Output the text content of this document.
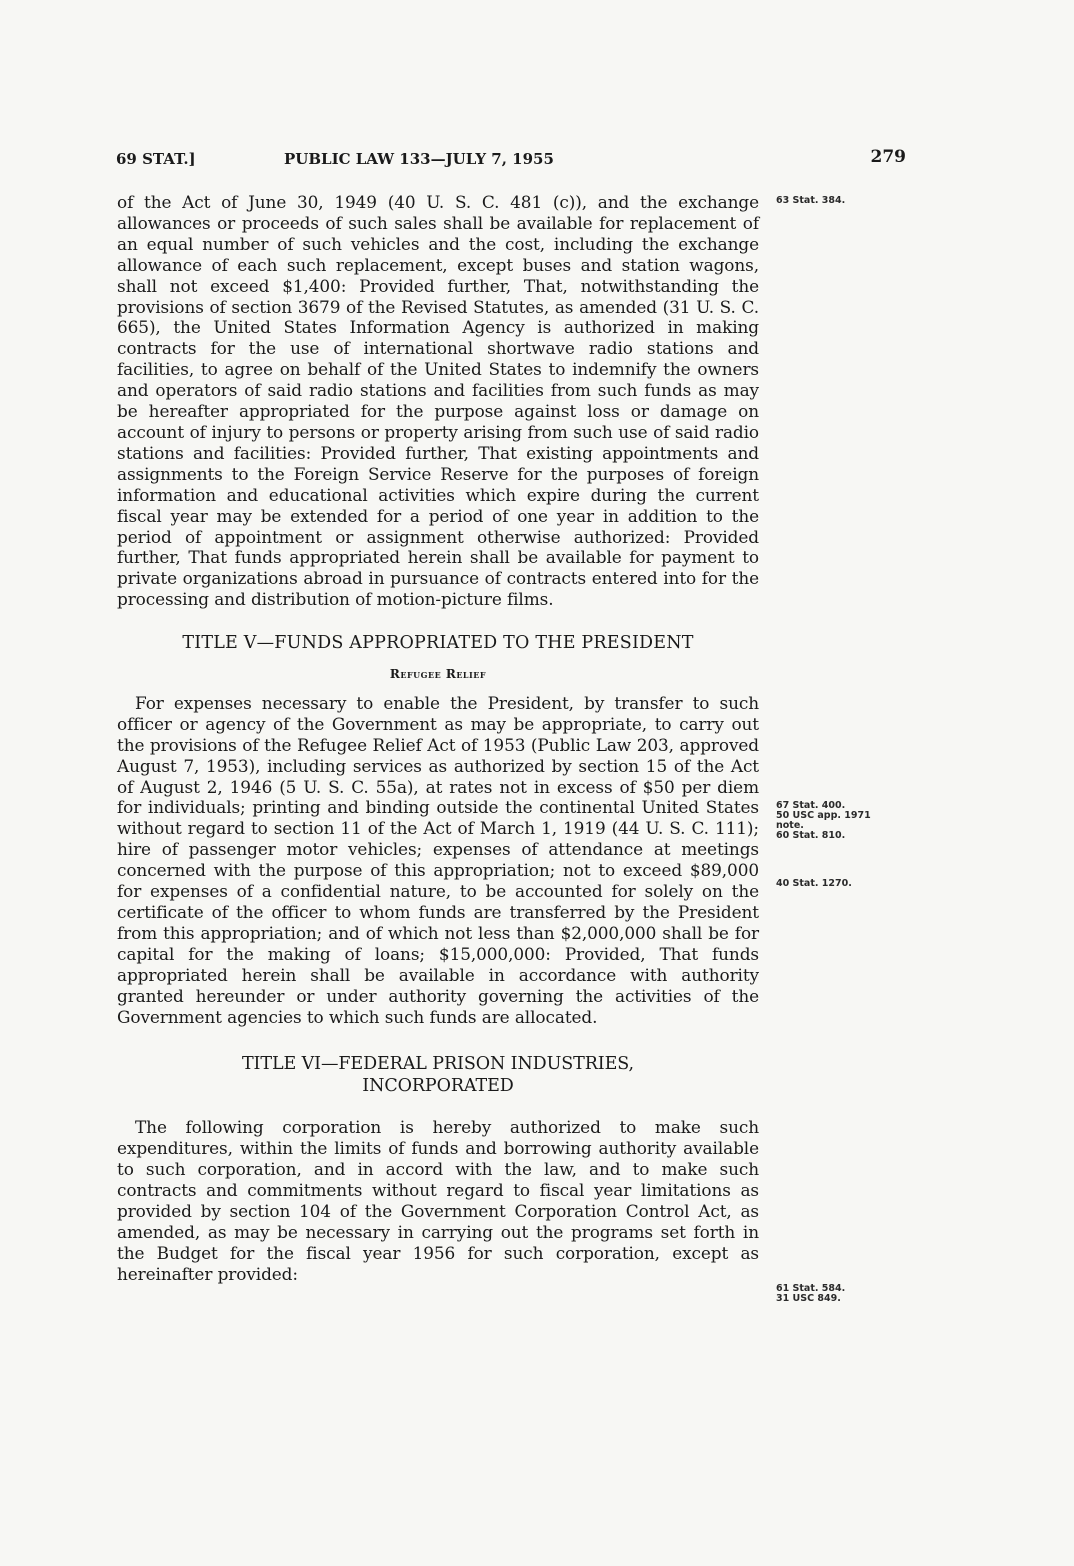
69 STAT.]	PUBLIC LAW 133—JULY 7, 1955	279

of the Act of June 30, 1949 (40 U. S. C. 481 (c)), and the exchange allowances or proceeds of such sales shall be available for replacement of an equal number of such vehicles and the cost, including the exchange allowance of each such replacement, except buses and station wagons, shall not exceed $1,400: Provided further, That, notwithstanding the provisions of section 3679 of the Revised Statutes, as amended (31 U. S. C. 665), the United States Information Agency is authorized in making contracts for the use of international shortwave radio stations and facilities, to agree on behalf of the United States to indemnify the owners and operators of said radio stations and facilities from such funds as may be hereafter appropriated for the purpose against loss or damage on account of injury to persons or property arising from such use of said radio stations and facilities: Provided further, That existing appointments and assignments to the Foreign Service Reserve for the purposes of foreign information and educational activities which expire during the current fiscal year may be extended for a period of one year in addition to the period of appointment or assignment otherwise authorized: Provided further, That funds appropriated herein shall be available for payment to private organizations abroad in pursuance of contracts entered into for the processing and distribution of motion-picture films.

TITLE V—FUNDS APPROPRIATED TO THE PRESIDENT
Refugee Relief

For expenses necessary to enable the President, by transfer to such officer or agency of the Government as may be appropriate, to carry out the provisions of the Refugee Relief Act of 1953 (Public Law 203, approved August 7, 1953), including services as authorized by section 15 of the Act of August 2, 1946 (5 U. S. C. 55a), at rates not in excess of $50 per diem for individuals; printing and binding outside the continental United States without regard to section 11 of the Act of March 1, 1919 (44 U. S. C. 111); hire of passenger motor vehicles; expenses of attendance at meetings concerned with the purpose of this appropriation; not to exceed $89,000 for expenses of a confidential nature, to be accounted for solely on the certificate of the officer to whom funds are transferred by the President from this appropriation; and of which not less than $2,000,000 shall be for capital for the making of loans; $15,000,000: Provided, That funds appropriated herein shall be available in accordance with authority granted hereunder or under authority governing the activities of the Government agencies to which such funds are allocated.

TITLE VI—FEDERAL PRISON INDUSTRIES,
INCORPORATED

The following corporation is hereby authorized to make such expenditures, within the limits of funds and borrowing authority available to such corporation, and in accord with the law, and to make such contracts and commitments without regard to fiscal year limitations as provided by section 104 of the Government Corporation Control Act, as amended, as may be necessary in carrying out the programs set forth in the Budget for the fiscal year 1956 for such corporation, except as hereinafter provided:

63 Stat. 384.
67 Stat. 400.
50 USC app. 1971
note.
60 Stat. 810.
40 Stat. 1270.
61 Stat. 584.
31 USC 849.
